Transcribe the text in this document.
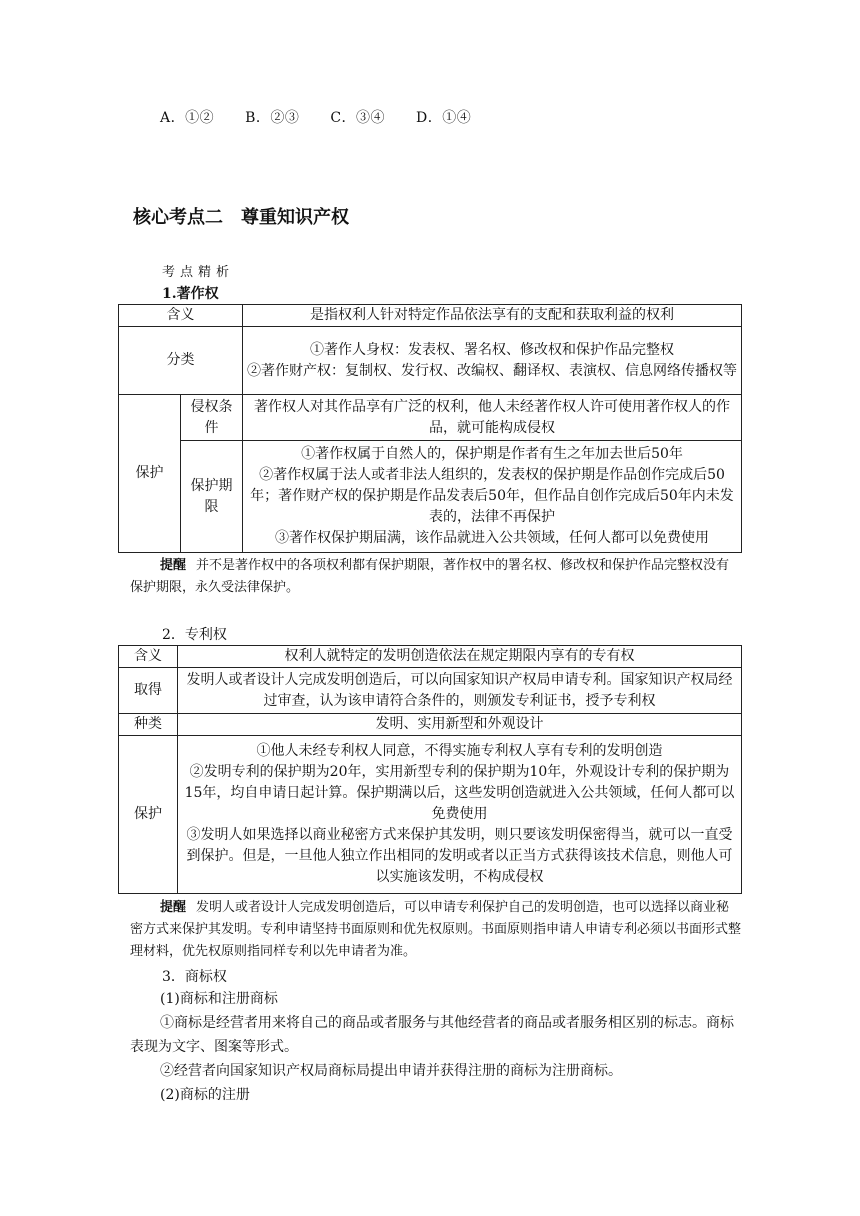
A．①② B．②③ C．③④ D．①④
核心考点二　尊重知识产权
考点精析
1.著作权
含义		是指权利人针对特定作品依法享有的支配和获取利益的权利
分类		①著作人身权：发表权、署名权、修改权和保护作品完整权
②著作财产权：复制权、发行权、改编权、翻译权、表演权、信息网络传播权等

保护	侵权条件	著作权人对其作品享有广泛的权利，他人未经著作权人许可使用著作权人的作品，就可能构成侵权
	保护期限	①著作权属于自然人的，保护期是作者有生之年加去世后50年
②著作权属于法人或者非法人组织的，发表权的保护期是作品创作完成后50年；著作财产权的保护期是作品发表后50年，但作品自创作完成后50年内未发表的，法律不再保护
③著作权保护期届满，该作品就进入公共领域，任何人都可以免费使用
提醒 并不是著作权中的各项权利都有保护期限，著作权中的署名权、修改权和保护作品完整权没有保护期限，永久受法律保护。
2．专利权
含义	权利人就特定的发明创造依法在规定期限内享有的专有权
取得	发明人或者设计人完成发明创造后，可以向国家知识产权局申请专利。国家知识产权局经过审查，认为该申请符合条件的，则颁发专利证书，授予专利权
种类	发明、实用新型和外观设计
保护	①他人未经专利权人同意，不得实施专利权人享有专利的发明创造
②发明专利的保护期为20年，实用新型专利的保护期为10年，外观设计专利的保护期为15年，均自申请日起计算。保护期满以后，这些发明创造就进入公共领域，任何人都可以免费使用
③发明人如果选择以商业秘密方式来保护其发明，则只要该发明保密得当，就可以一直受到保护。但是，一旦他人独立作出相同的发明或者以正当方式获得该技术信息，则他人可以实施该发明，不构成侵权
提醒 发明人或者设计人完成发明创造后，可以申请专利保护自己的发明创造，也可以选择以商业秘密方式来保护其发明。专利申请坚持书面原则和优先权原则。书面原则指申请人申请专利必须以书面形式整理材料，优先权原则指同样专利以先申请者为准。
3．商标权
(1)商标和注册商标
①商标是经营者用来将自己的商品或者服务与其他经营者的商品或者服务相区别的标志。商标表现为文字、图案等形式。
②经营者向国家知识产权局商标局提出申请并获得注册的商标为注册商标。
(2)商标的注册
